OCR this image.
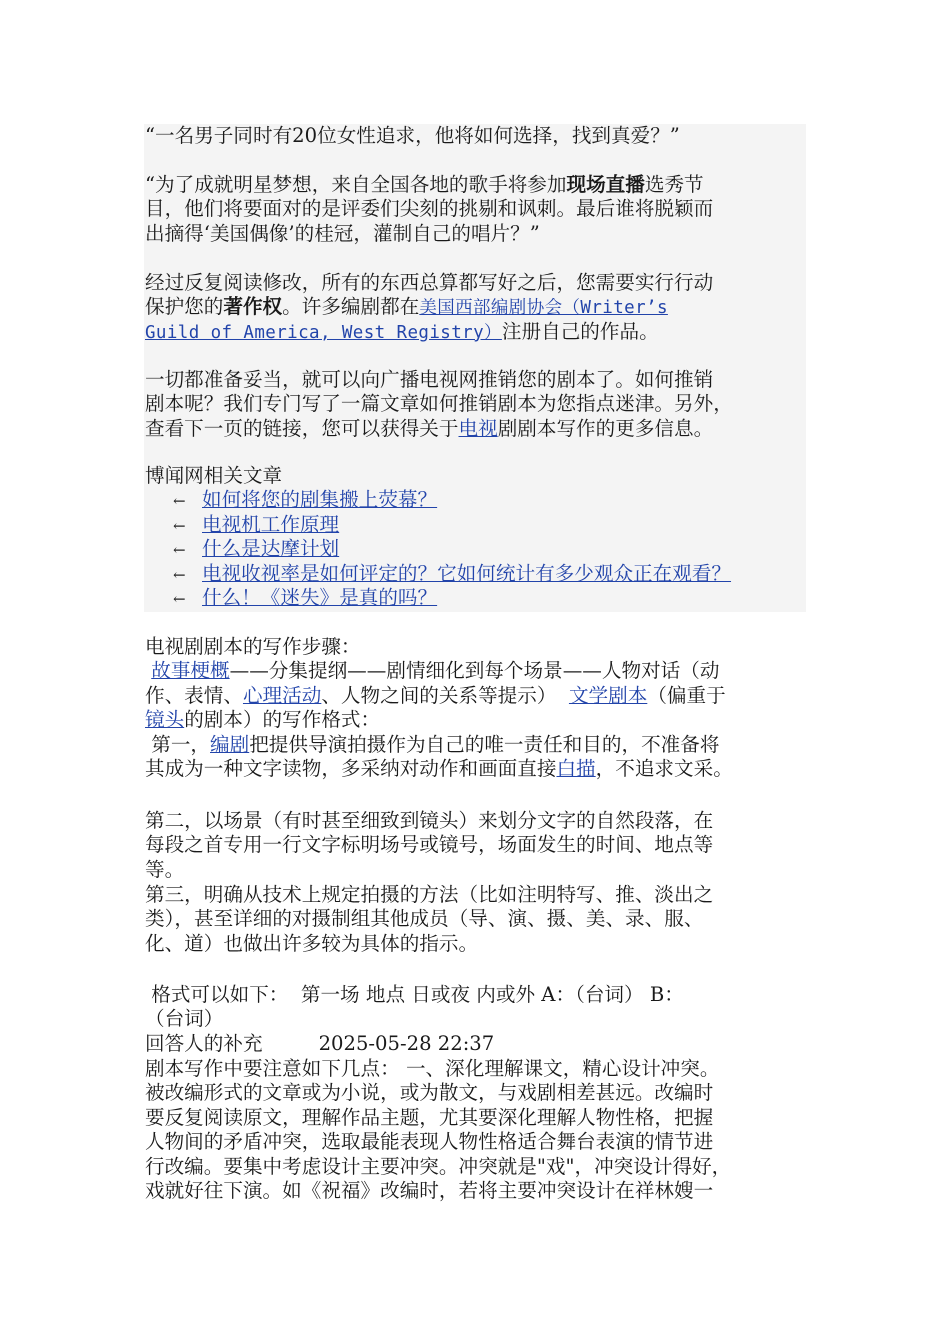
“一名男子同时有20位女性追求，他将如何选择，找到真爱？”
“为了成就明星梦想，来自全国各地的歌手将参加现场直播选秀节
目，他们将要面对的是评委们尖刻的挑剔和讽刺。最后谁将脱颖而
出摘得‘美国偶像’的桂冠，灌制自己的唱片？”
经过反复阅读修改，所有的东西总算都写好之后，您需要实行行动
保护您的著作权。许多编剧都在美国西部编剧协会（Writer’s
Guild of America, West Registry）注册自己的作品。
一切都准备妥当，就可以向广播电视网推销您的剧本了。如何推销
剧本呢？我们专门写了一篇文章如何推销剧本为您指点迷津。另外，
查看下一页的链接，您可以获得关于电视剧剧本写作的更多信息。
博闻网相关文章
← 如何将您的剧集搬上荧幕？
← 电视机工作原理
← 什么是达摩计划
← 电视收视率是如何评定的？它如何统计有多少观众正在观看？
← 什么！《迷失》是真的吗？
电视剧剧本的写作步骤：
故事梗概——分集提纲——剧情细化到每个场景——人物对话（动
作、表情、心理活动、人物之间的关系等提示）  文学剧本（偏重于
镜头的剧本）的写作格式：
第一，编剧把提供导演拍摄作为自己的唯一责任和目的，不准备将
其成为一种文字读物，多采纳对动作和画面直接白描，不追求文采。
第二，以场景（有时甚至细致到镜头）来划分文字的自然段落，在
每段之首专用一行文字标明场号或镜号，场面发生的时间、地点等
等。
第三，明确从技术上规定拍摄的方法（比如注明特写、推、淡出之
类），甚至详细的对摄制组其他成员（导、演、摄、美、录、服、
化、道）也做出许多较为具体的指示。
格式可以如下：  第一场 地点 日或夜 内或外 A：（台词） B：
（台词）
回答人的补充	2025-05-28 22:37
剧本写作中要注意如下几点： 一、深化理解课文，精心设计冲突。
被改编形式的文章或为小说，或为散文，与戏剧相差甚远。改编时
要反复阅读原文，理解作品主题，尤其要深化理解人物性格，把握
人物间的矛盾冲突，选取最能表现人物性格适合舞台表演的情节进
行改编。要集中考虑设计主要冲突。冲突就是"戏"，冲突设计得好，
戏就好往下演。如《祝福》改编时，若将主要冲突设计在祥林嫂一
